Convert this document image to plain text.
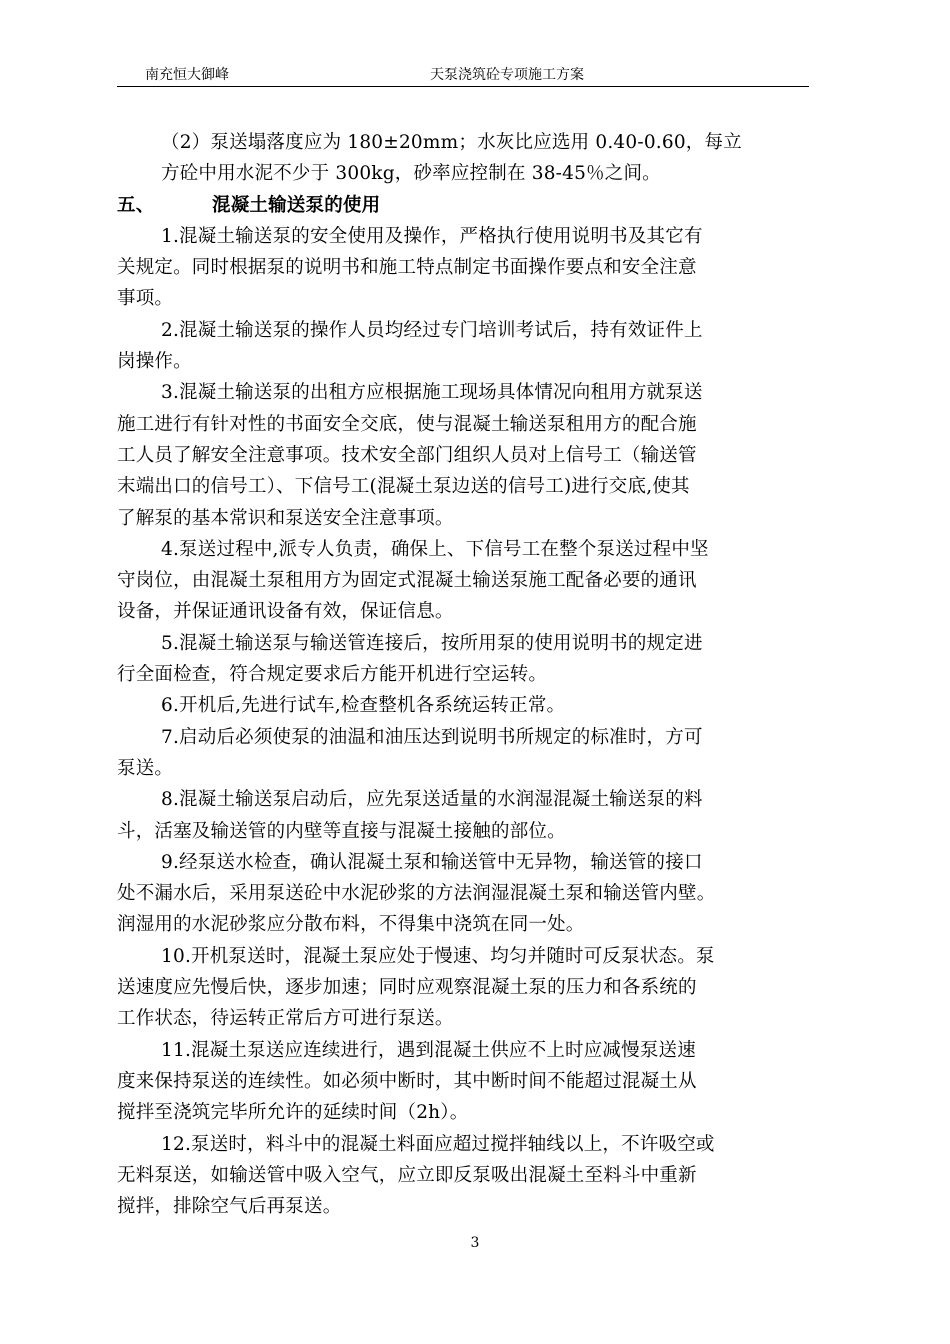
南充恒大御峰	天泵浇筑砼专项施工方案
（2）泵送塌落度应为 180±20mm；水灰比应选用 0.40-0.60，每立
方砼中用水泥不少于 300kg，砂率应控制在 38-45％之间。
五、	混凝土输送泵的使用
1.混凝土输送泵的安全使用及操作，严格执行使用说明书及其它有
关规定。同时根据泵的说明书和施工特点制定书面操作要点和安全注意
事项。
2.混凝土输送泵的操作人员均经过专门培训考试后，持有效证件上
岗操作。
3.混凝土输送泵的出租方应根据施工现场具体情况向租用方就泵送
施工进行有针对性的书面安全交底，使与混凝土输送泵租用方的配合施
工人员了解安全注意事项。技术安全部门组织人员对上信号工（输送管
末端出口的信号工）、下信号工(混凝土泵边送的信号工)进行交底,使其
了解泵的基本常识和泵送安全注意事项。
4.泵送过程中,派专人负责，确保上、下信号工在整个泵送过程中坚
守岗位，由混凝土泵租用方为固定式混凝土输送泵施工配备必要的通讯
设备，并保证通讯设备有效，保证信息。
5.混凝土输送泵与输送管连接后，按所用泵的使用说明书的规定进
行全面检查，符合规定要求后方能开机进行空运转。
6.开机后,先进行试车,检查整机各系统运转正常。
7.启动后必须使泵的油温和油压达到说明书所规定的标准时，方可
泵送。
8.混凝土输送泵启动后，应先泵送适量的水润湿混凝土输送泵的料
斗，活塞及输送管的内壁等直接与混凝土接触的部位。
9.经泵送水检查，确认混凝土泵和输送管中无异物，输送管的接口
处不漏水后，采用泵送砼中水泥砂浆的方法润湿混凝土泵和输送管内壁。
润湿用的水泥砂浆应分散布料，不得集中浇筑在同一处。
10.开机泵送时，混凝土泵应处于慢速、均匀并随时可反泵状态。泵
送速度应先慢后快，逐步加速；同时应观察混凝土泵的压力和各系统的
工作状态，待运转正常后方可进行泵送。
11.混凝土泵送应连续进行，遇到混凝土供应不上时应减慢泵送速
度来保持泵送的连续性。如必须中断时，其中断时间不能超过混凝土从
搅拌至浇筑完毕所允许的延续时间（2h）。
12.泵送时，料斗中的混凝土料面应超过搅拌轴线以上，不许吸空或
无料泵送，如输送管中吸入空气，应立即反泵吸出混凝土至料斗中重新
搅拌，排除空气后再泵送。
3
